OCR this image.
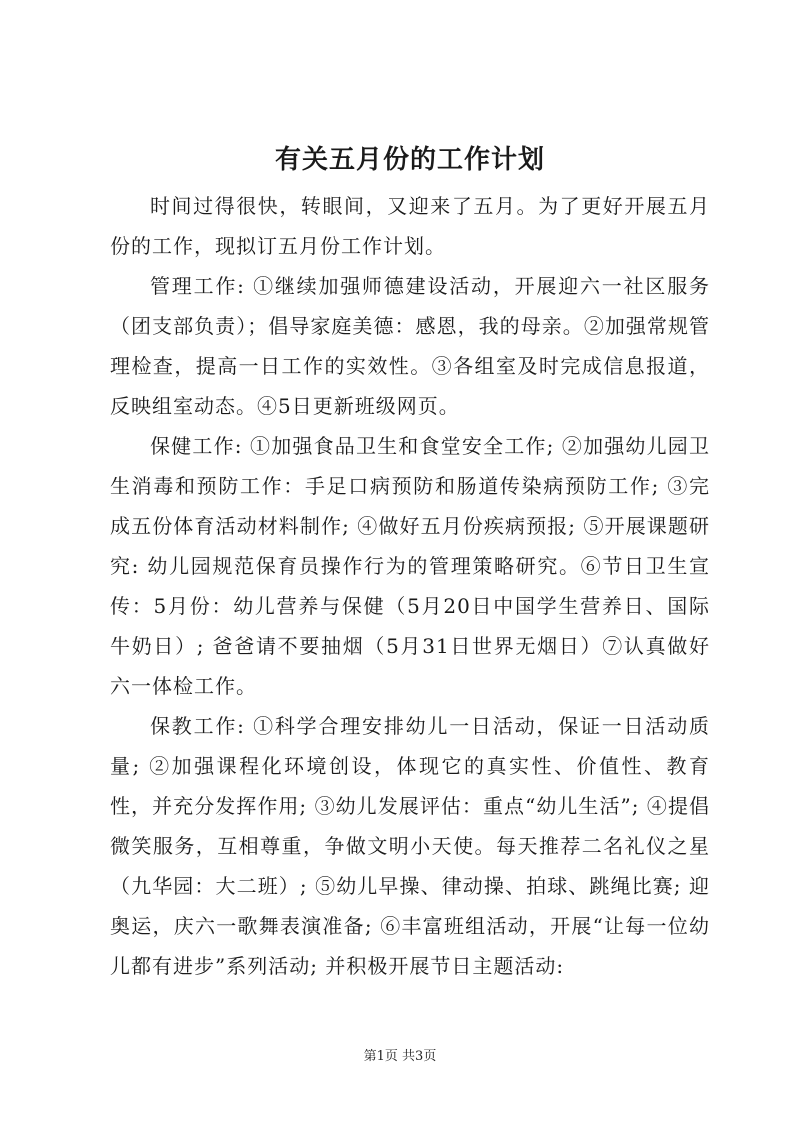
有关五月份的工作计划

时间过得很快，转眼间，又迎来了五月。为了更好开展五月份的工作，现拟订五月份工作计划。

管理工作: ①继续加强师德建设活动，开展迎六一社区服务（团支部负责）；倡导家庭美德：感恩，我的母亲。②加强常规管理检查，提高一日工作的实效性。③各组室及时完成信息报道，反映组室动态。④5日更新班级网页。

保健工作: ①加强食品卫生和食堂安全工作; ②加强幼儿园卫生消毒和预防工作：手足口病预防和肠道传染病预防工作; ③完成五份体育活动材料制作; ④做好五月份疾病预报; ⑤开展课题研究: 幼儿园规范保育员操作行为的管理策略研究。⑥节日卫生宣传：5月份：幼儿营养与保健（5月20日中国学生营养日、国际牛奶日）; 爸爸请不要抽烟（5月31日世界无烟日）⑦认真做好六一体检工作。

保教工作: ①科学合理安排幼儿一日活动，保证一日活动质量; ②加强课程化环境创设，体现它的真实性、价值性、教育性，并充分发挥作用; ③幼儿发展评估：重点“幼儿生活”; ④提倡微笑服务，互相尊重，争做文明小天使。每天推荐二名礼仪之星（九华园：大二班）; ⑤幼儿早操、律动操、拍球、跳绳比赛; 迎奥运，庆六一歌舞表演准备; ⑥丰富班组活动，开展“让每一位幼儿都有进步”系列活动; 并积极开展节日主题活动:

第1页 共3页
